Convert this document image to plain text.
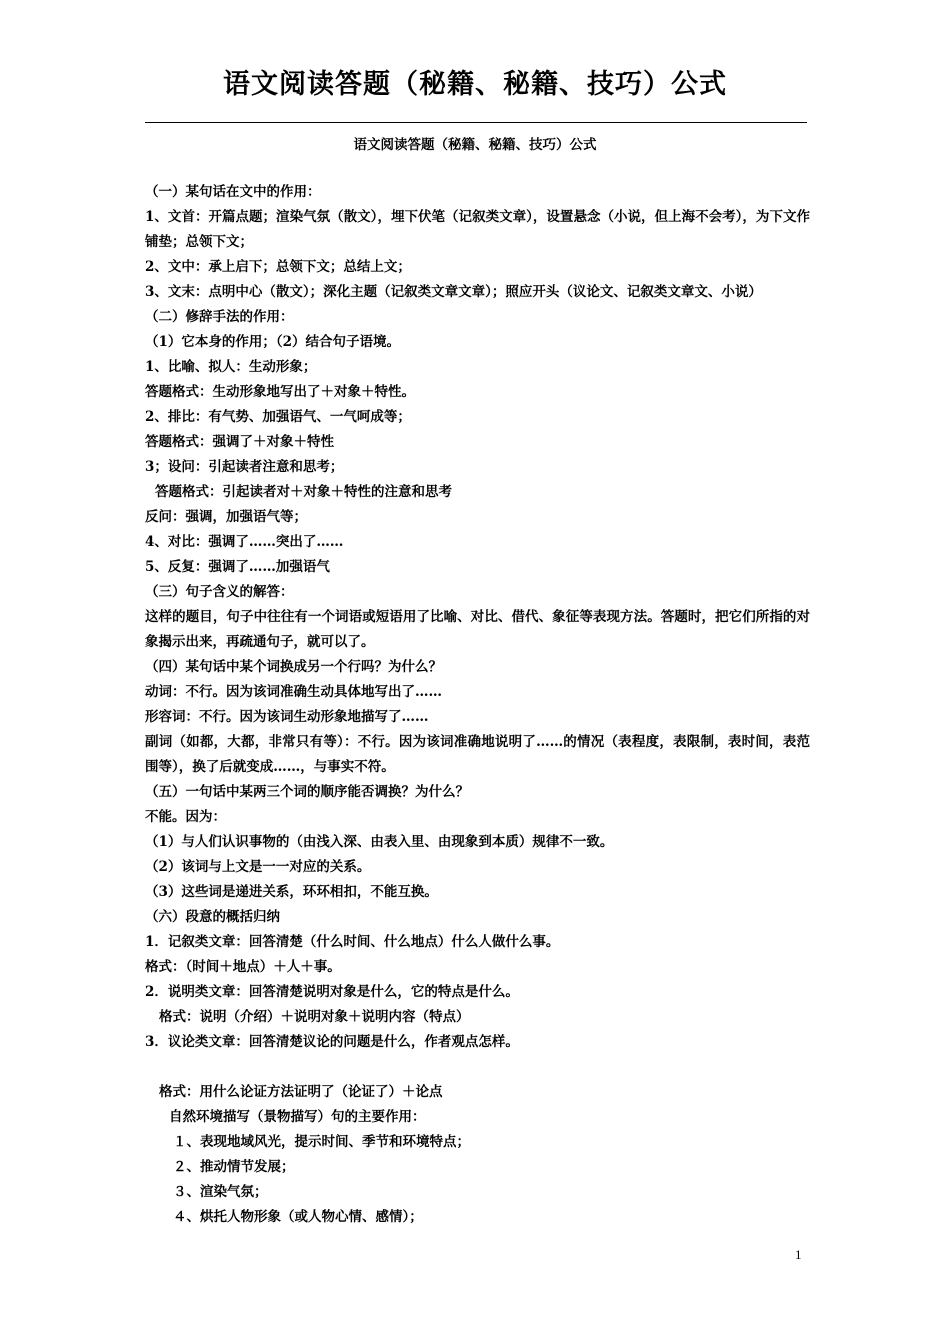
语文阅读答题（秘籍、秘籍、技巧）公式
语文阅读答题（秘籍、秘籍、技巧）公式
（一）某句话在文中的作用：
1、文首：开篇点题；渲染气氛（散文），埋下伏笔（记叙类文章），设置悬念（小说，但上海不会考），为下文作铺垫；总领下文；
2、文中：承上启下；总领下文；总结上文；
3、文末：点明中心（散文）；深化主题（记叙类文章文章）；照应开头（议论文、记叙类文章文、小说）
（二）修辞手法的作用：
（1）它本身的作用；（2）结合句子语境。
1、比喻、拟人：生动形象；
答题格式：生动形象地写出了＋对象＋特性。
2、排比：有气势、加强语气、一气呵成等；
答题格式：强调了＋对象＋特性
3；设问：引起读者注意和思考；
答题格式：引起读者对＋对象＋特性的注意和思考
反问：强调，加强语气等；
4、对比：强调了……突出了……
5、反复：强调了……加强语气
（三）句子含义的解答：
这样的题目，句子中往往有一个词语或短语用了比喻、对比、借代、象征等表现方法。答题时，把它们所指的对象揭示出来，再疏通句子，就可以了。
（四）某句话中某个词换成另一个行吗？为什么？
动词：不行。因为该词准确生动具体地写出了……
形容词：不行。因为该词生动形象地描写了……
副词（如都，大都，非常只有等）：不行。因为该词准确地说明了……的情况（表程度，表限制，表时间，表范围等），换了后就变成……，与事实不符。
（五）一句话中某两三个词的顺序能否调换？为什么？
不能。因为：
（1）与人们认识事物的（由浅入深、由表入里、由现象到本质）规律不一致。
（2）该词与上文是一一对应的关系。
（3）这些词是递进关系，环环相扣，不能互换。
（六）段意的概括归纳
1．记叙类文章：回答清楚（什么时间、什么地点）什么人做什么事。
格式：（时间＋地点）＋人＋事。
2．说明类文章：回答清楚说明对象是什么，它的特点是什么。
格式：说明（介绍）＋说明对象＋说明内容（特点）
3．议论类文章：回答清楚议论的问题是什么，作者观点怎样。
格式：用什么论证方法证明了（论证了）＋论点
自然环境描写（景物描写）句的主要作用：
１、表现地域风光，提示时间、季节和环境特点；
２、推动情节发展；
３、渲染气氛；
４、烘托人物形象（或人物心情、感情）；
1
